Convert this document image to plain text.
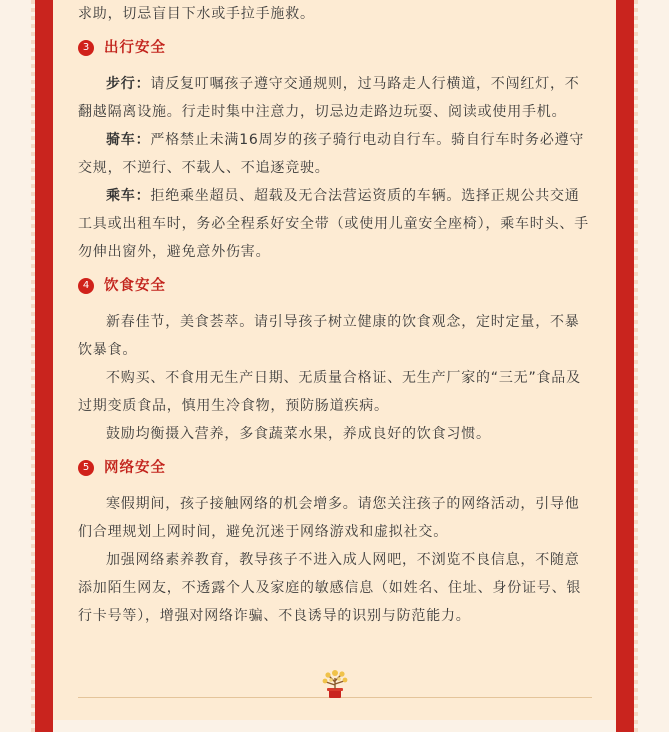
求助，切忌盲目下水或手拉手施救。

3	出行安全

步行：请反复叮嘱孩子遵守交通规则，过马路走人行横道，不闯红灯，不翻越隔离设施。行走时集中注意力，切忌边走路边玩耍、阅读或使用手机。

骑车：严格禁止未满16周岁的孩子骑行电动自行车。骑自行车时务必遵守交规，不逆行、不载人、不追逐竞驶。

乘车：拒绝乘坐超员、超载及无合法营运资质的车辆。选择正规公共交通工具或出租车时，务必全程系好安全带（或使用儿童安全座椅），乘车时头、手勿伸出窗外，避免意外伤害。

4	饮食安全

新春佳节，美食荟萃。请引导孩子树立健康的饮食观念，定时定量，不暴饮暴食。

不购买、不食用无生产日期、无质量合格证、无生产厂家的“三无”食品及过期变质食品，慎用生冷食物，预防肠道疾病。

鼓励均衡摄入营养，多食蔬菜水果，养成良好的饮食习惯。

5	网络安全

寒假期间，孩子接触网络的机会增多。请您关注孩子的网络活动，引导他们合理规划上网时间，避免沉迷于网络游戏和虚拟社交。

加强网络素养教育，教导孩子不进入成人网吧，不浏览不良信息，不随意添加陌生网友，不透露个人及家庭的敏感信息（如姓名、住址、身份证号、银行卡号等），增强对网络诈骗、不良诱导的识别与防范能力。
